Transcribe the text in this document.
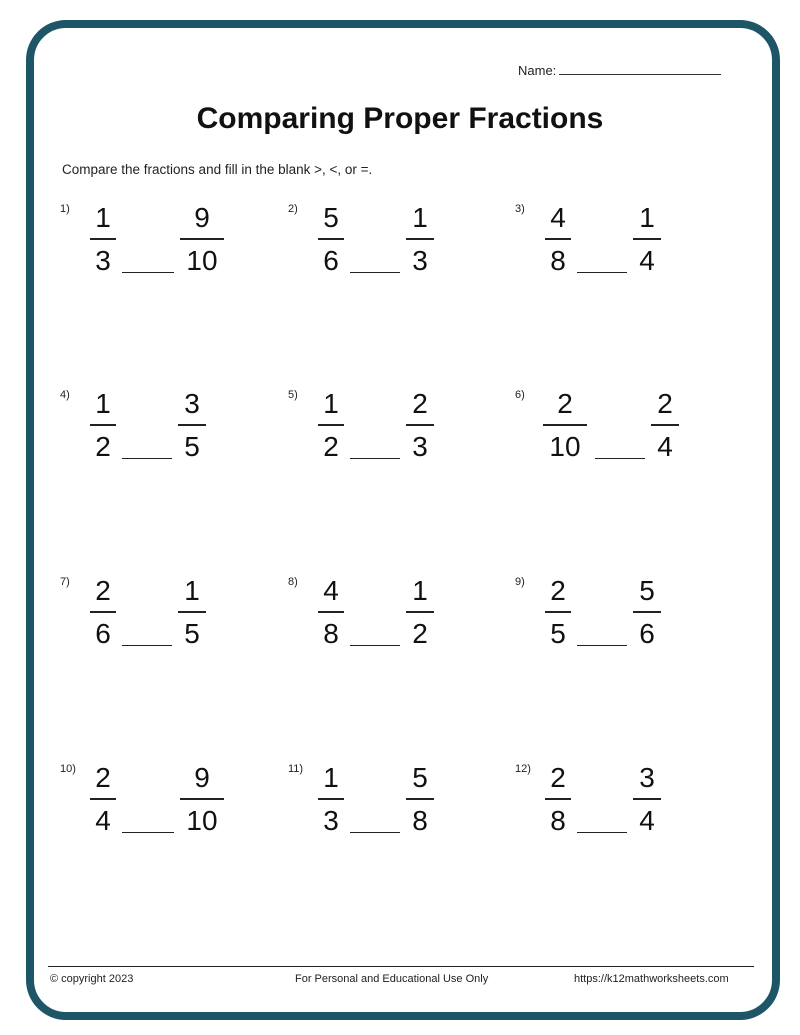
Name:
Comparing Proper Fractions
Compare the fractions and fill in the blank >, <, or =.
1) 1
3
9
10
2) 5
6
1
3
3) 4
8
1
4
4) 1
2
3
5
5) 1
2
2
3
6)	2
10
2
4
7) 2
6
1
5
8) 4
8
1
2
9) 2
5
5
6
10) 2
4
9
10
11) 1
3
5
8
12) 2
8
3
4
© copyright 2023	For Personal and Educational Use Only	https://k12mathworksheets.com
